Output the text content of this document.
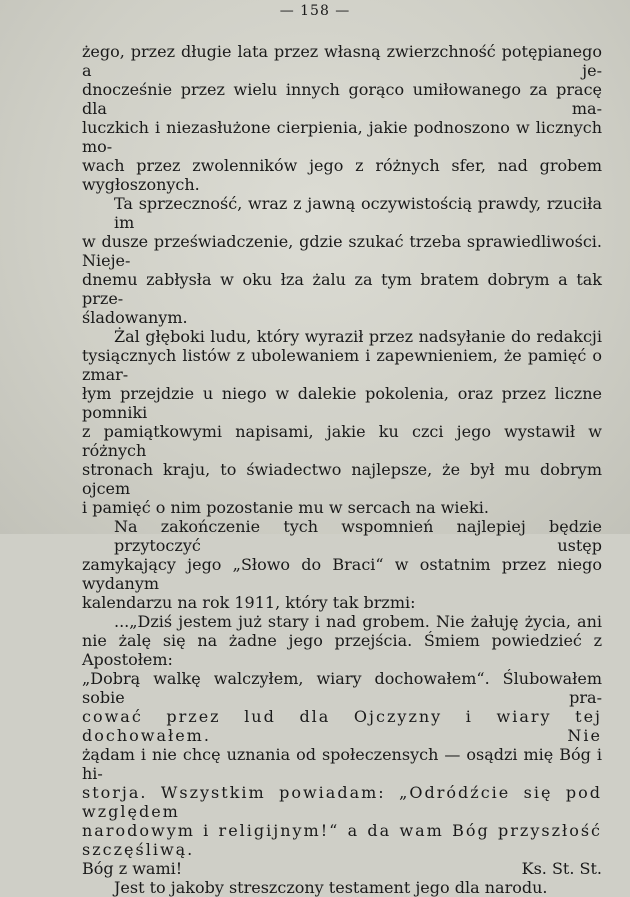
— 158 —
żego, przez długie lata przez własną zwierzchność potępianego a je-
dnocześnie przez wielu innych gorąco umiłowanego za pracę dla ma-
luczkich i niezasłużone cierpienia, jakie podnoszono w licznych mo-
wach przez zwolenników jego z różnych sfer, nad grobem wygłoszonych.
Ta sprzeczność, wraz z jawną oczywistością prawdy, rzuciła im
w dusze przeświadczenie, gdzie szukać trzeba sprawiedliwości. Nieje-
dnemu zabłysła w oku łza żalu za tym bratem dobrym a tak prze-
śladowanym.
Żal głęboki ludu, który wyraził przez nadsyłanie do redakcji
tysiącznych listów z ubolewaniem i zapewnieniem, że pamięć o zmar-
łym przejdzie u niego w dalekie pokolenia, oraz przez liczne pomniki
z pamiątkowymi napisami, jakie ku czci jego wystawił w różnych
stronach kraju, to świadectwo najlepsze, że był mu dobrym ojcem
i pamięć o nim pozostanie mu w sercach na wieki.
Na zakończenie tych wspomnień najlepiej będzie przytoczyć ustęp
zamykający jego „Słowo do Braci“ w ostatnim przez niego wydanym
kalendarzu na rok 1911, który tak brzmi:
...„Dziś jestem już stary i nad grobem. Nie żałuję życia, ani
nie żalę się na żadne jego przejścia. Śmiem powiedzieć z Apostołem:
„Dobrą walkę walczyłem, wiary dochowałem“. Ślubowałem sobie pra-
cować przez lud dla Ojczyzny i wiary tej dochowałem. Nie
żądam i nie chcę uznania od społeczensych — osądzi mię Bóg i hi-
storja. Wszystkim powiadam: „Odródźcie się pod względem
narodowym i religijnym!“ a da wam Bóg przyszłość szczęśliwą.
Bóg z wami!	Ks. St. St.
Jest to jakoby streszczony testament jego dla narodu.
